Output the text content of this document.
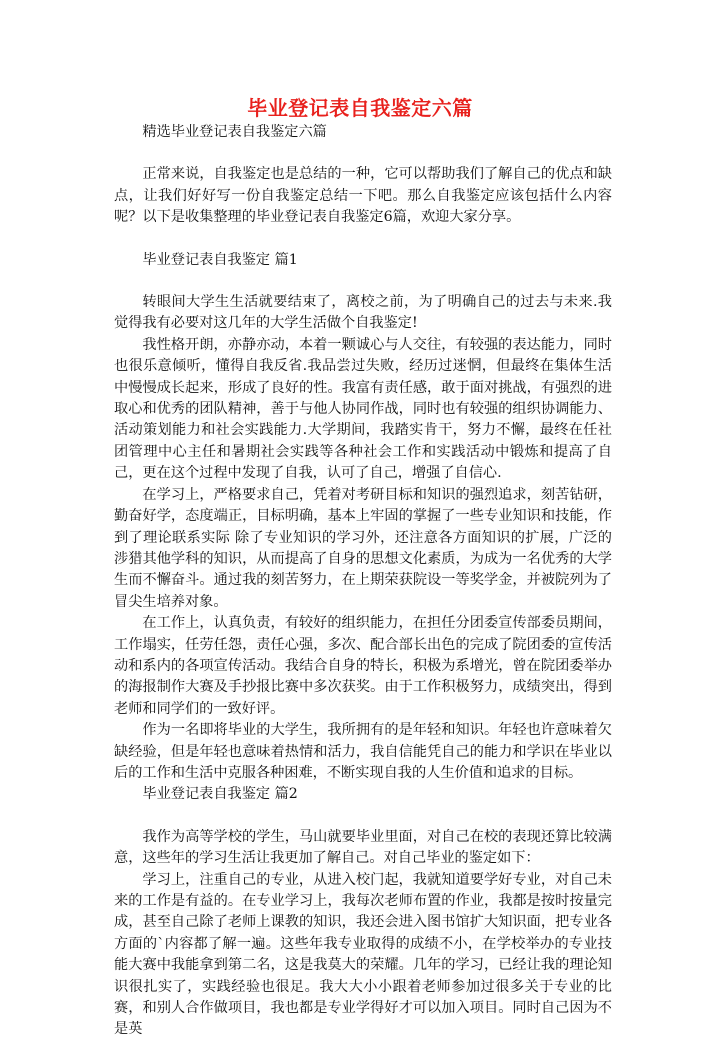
毕业登记表自我鉴定六篇

精选毕业登记表自我鉴定六篇

正常来说，自我鉴定也是总结的一种，它可以帮助我们了解自己的优点和缺点，让我们好好写一份自我鉴定总结一下吧。那么自我鉴定应该包括什么内容呢？以下是收集整理的毕业登记表自我鉴定6篇，欢迎大家分享。

毕业登记表自我鉴定 篇1

转眼间大学生生活就要结束了，离校之前，为了明确自己的过去与未来.我觉得我有必要对这几年的大学生活做个自我鉴定!

我性格开朗，亦静亦动，本着一颗诚心与人交往，有较强的表达能力，同时也很乐意倾听，懂得自我反省.我品尝过失败，经历过迷惘，但最终在集体生活中慢慢成长起来，形成了良好的性。我富有责任感，敢于面对挑战，有强烈的进取心和优秀的团队精神，善于与他人协同作战，同时也有较强的组织协调能力、活动策划能力和社会实践能力.大学期间，我踏实肯干，努力不懈，最终在任社团管理中心主任和暑期社会实践等各种社会工作和实践活动中锻炼和提高了自己，更在这个过程中发现了自我，认可了自己，增强了自信心.

在学习上，严格要求自己，凭着对考研目标和知识的强烈追求，刻苦钻研，勤奋好学，态度端正，目标明确，基本上牢固的掌握了一些专业知识和技能，作到了理论联系实际 除了专业知识的学习外，还注意各方面知识的扩展，广泛的涉猎其他学科的知识，从而提高了自身的思想文化素质，为成为一名优秀的大学生而不懈奋斗。通过我的刻苦努力，在上期荣获院设一等奖学金，并被院列为了冒尖生培养对象。

在工作上，认真负责，有较好的组织能力，在担任分团委宣传部委员期间，工作塌实，任劳任怨，责任心强，多次、配合部长出色的完成了院团委的宣传活动和系内的各项宣传活动。我结合自身的特长，积极为系增光，曾在院团委举办的海报制作大赛及手抄报比赛中多次获奖。由于工作积极努力，成绩突出，得到老师和同学们的一致好评。

作为一名即将毕业的大学生，我所拥有的是年轻和知识。年轻也许意味着欠缺经验，但是年轻也意味着热情和活力，我自信能凭自己的能力和学识在毕业以后的工作和生活中克服各种困难，不断实现自我的人生价值和追求的目标。

毕业登记表自我鉴定 篇2

我作为高等学校的学生，马山就要毕业里面，对自己在校的表现还算比较满意，这些年的学习生活让我更加了解自己。对自己毕业的鉴定如下：

学习上，注重自己的专业，从进入校门起，我就知道要学好专业，对自己未来的工作是有益的。在专业学习上，我每次老师布置的作业，我都是按时按量完成，甚至自己除了老师上课教的知识，我还会进入图书馆扩大知识面，把专业各方面的`内容都了解一遍。这些年我专业取得的成绩不小，在学校举办的专业技能大赛中我能拿到第二名，这是我莫大的荣耀。几年的学习，已经让我的理论知识很扎实了，实践经验也很足。我大大小小跟着老师参加过很多关于专业的比赛，和别人合作做项目，我也都是专业学得好才可以加入项目。同时自己因为不是英
